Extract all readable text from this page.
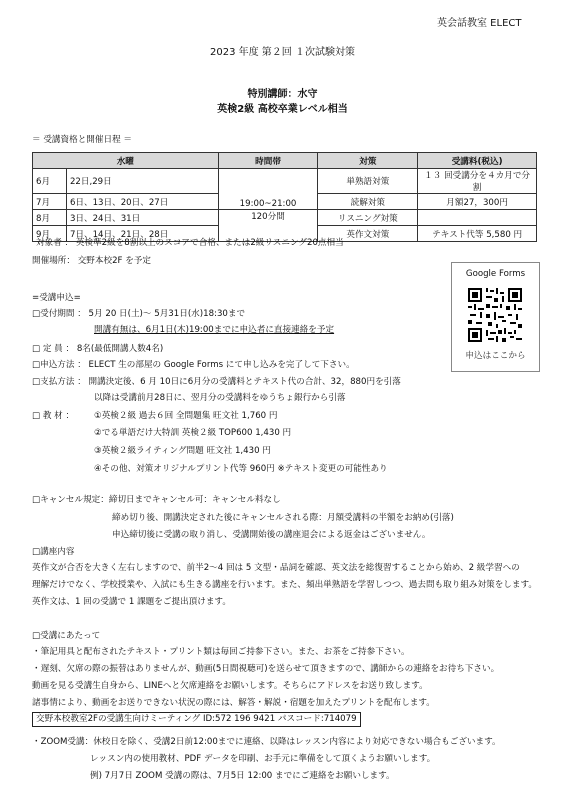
英会話教室 ELECT
2023 年度 第２回 １次試験対策
特別講師：水守
英検2級 高校卒業レベル相当
＝ 受講資格と開催日程 ＝
水曜		時間帯	対策	受講料(税込)
6月	22日,29日	19:00~21:00	単熟語対策	１３ 回受講分を４カ月で分割
7月	6日、13日、20日、27日		読解対策	月額27，300円
8月	3日、24日、31日	120分間	リスニング対策	
9月	7日、14日、21日、28日		英作文対策	テキスト代等 5,580 円
対象者 ： 英検準2級を8割以上のスコアで合格、または2級リスニング20点相当
開催場所： 交野本校2F を予定
=受講申込=
□受付期間 ： 5月 20 日(土)～ 5月31日(水)18:30まで
開講有無は、6月1日(木)19:00までに申込者に直接連絡を予定
□ 定 員 ： 8名(最低開講人数4名)
□申込方法 ： ELECT 生の部屋の Google Forms にて申し込みを完了して下さい。
□支払方法 ： 開講決定後、6 月 10日に6月分の受講料とテキスト代の合計、32，880円を引落
以降は受講前月28日に、翌月分の受講料をゆうちょ銀行から引落
□ 教 材 ： ①英検２級 過去６回 全問題集 旺文社 1,760 円
②でる単語だけ大特訓 英検２級 TOP600 1,430 円
③英検２級ライティング問題 旺文社 1,430 円
④その他、対策オリジナルプリント代等 960円 ※テキスト変更の可能性あり
Google Forms
申込はここから
□キャンセル規定：締切日までキャンセル可：キャンセル料なし
締め切り後、開講決定された後にキャンセルされる際：月額受講料の半額をお納め(引落)
申込締切後に受講の取り消し、受講開始後の講座退会による返金はございません。
□講座内容
英作文が合否を大きく左右しますので、前半2～4 回は 5 文型・品詞を確認、英文法を総復習することから始め、2 級学習への
理解だけでなく、学校授業や、入試にも生きる講座を行います。また、頻出単熟語を学習しつつ、過去問も取り組み対策をします。
英作文は、1 回の受講で 1 課題をご提出頂けます。
□受講にあたって
・筆記用具と配布されたテキスト・プリント類は毎回ご持参下さい。また、お茶をご持参下さい。
・遅刻、欠席の際の振替はありませんが、動画(5日間視聴可)を送らせて頂きますので、講師からの連絡をお待ち下さい。
動画を見る受講生自身から、LINEへと欠席連絡をお願いします。そちらにアドレスをお送り致します。
諸事情により、動画をお送りできない状況の際には、解答・解説・宿題を加えたプリントを配布します。
交野本校教室2Fの受講生向けミーティング ID:572 196 9421 パスコード:714079
・ZOOM受講：休校日を除く、受講2日前12:00までに連絡、以降はレッスン内容により対応できない場合もございます。
レッスン内の使用教材、PDF データを印刷、お手元に準備をして頂くようお願いします。
例) 7月7日 ZOOM 受講の際は、7月5日 12:00 までにご連絡をお願いします。
